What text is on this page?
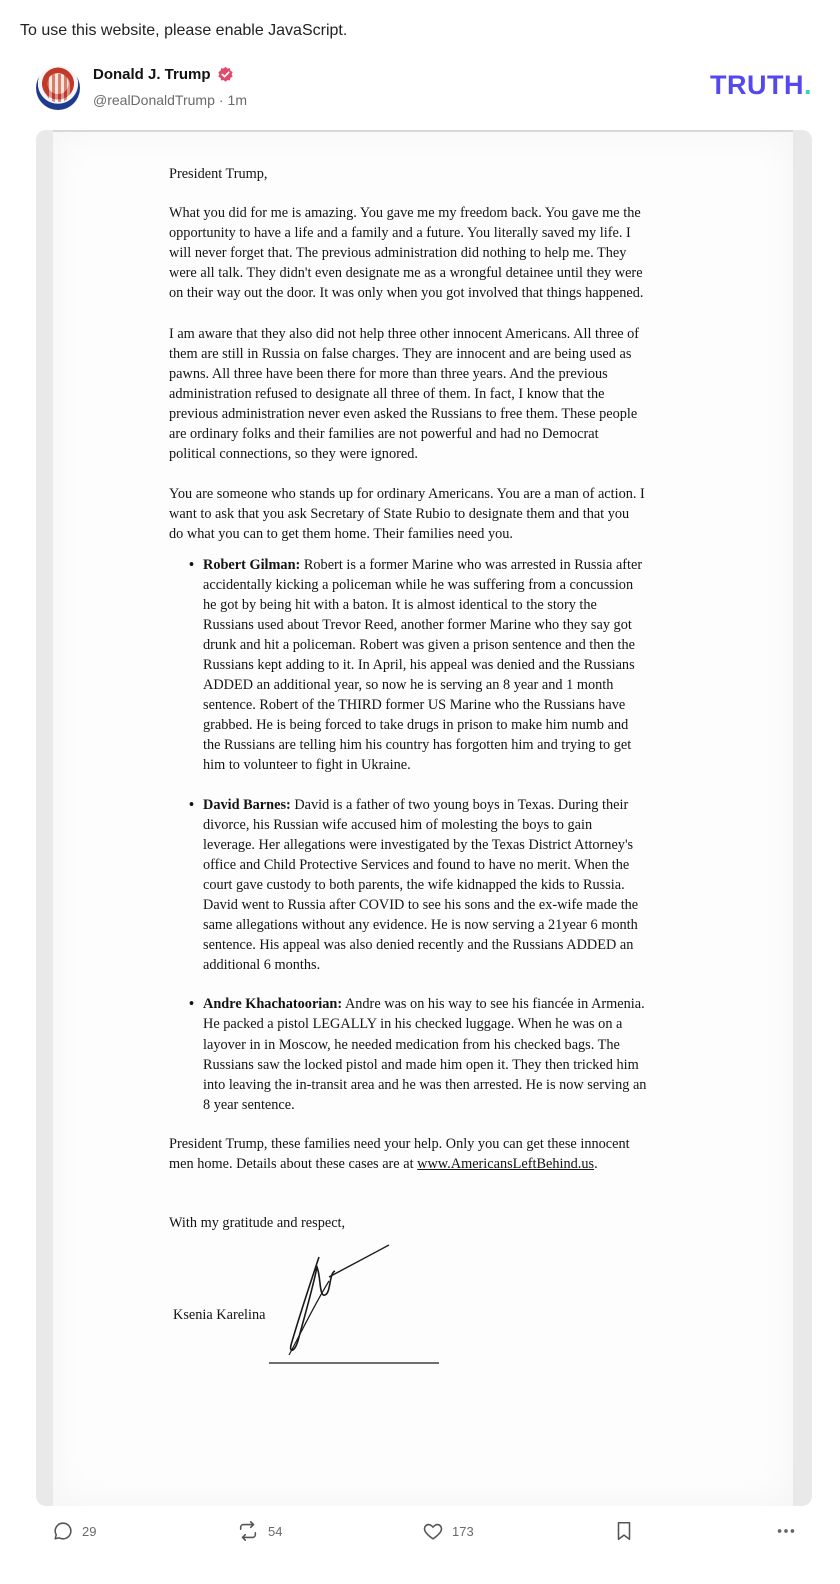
To use this website, please enable JavaScript.
Donald J. Trump
@realDonaldTrump · 1m	TRUTH.

President Trump,

What you did for me is amazing. You gave me my freedom back. You gave me the opportunity to have a life and a family and a future. You literally saved my life. I will never forget that. The previous administration did nothing to help me. They were all talk. They didn't even designate me as a wrongful detainee until they were on their way out the door. It was only when you got involved that things happened.

I am aware that they also did not help three other innocent Americans. All three of them are still in Russia on false charges. They are innocent and are being used as pawns. All three have been there for more than three years. And the previous administration refused to designate all three of them. In fact, I know that the previous administration never even asked the Russians to free them. These people are ordinary folks and their families are not powerful and had no Democrat political connections, so they were ignored.

You are someone who stands up for ordinary Americans. You are a man of action. I want to ask that you ask Secretary of State Rubio to designate them and that you do what you can to get them home. Their families need you.

• Robert Gilman: Robert is a former Marine who was arrested in Russia after accidentally kicking a policeman while he was suffering from a concussion he got by being hit with a baton. It is almost identical to the story the Russians used about Trevor Reed, another former Marine who they say got drunk and hit a policeman. Robert was given a prison sentence and then the Russians kept adding to it. In April, his appeal was denied and the Russians ADDED an additional year, so now he is serving an 8 year and 1 month sentence. Robert of the THIRD former US Marine who the Russians have grabbed. He is being forced to take drugs in prison to make him numb and the Russians are telling him his country has forgotten him and trying to get him to volunteer to fight in Ukraine.
• David Barnes: David is a father of two young boys in Texas. During their divorce, his Russian wife accused him of molesting the boys to gain leverage. Her allegations were investigated by the Texas District Attorney's office and Child Protective Services and found to have no merit. When the court gave custody to both parents, the wife kidnapped the kids to Russia. David went to Russia after COVID to see his sons and the ex-wife made the same allegations without any evidence. He is now serving a 21year 6 month sentence. His appeal was also denied recently and the Russians ADDED an additional 6 months.
• Andre Khachatoorian: Andre was on his way to see his fiancée in Armenia. He packed a pistol LEGALLY in his checked luggage. When he was on a layover in in Moscow, he needed medication from his checked bags. The Russians saw the locked pistol and made him open it. They then tricked him into leaving the in-transit area and he was then arrested. He is now serving an 8 year sentence.

President Trump, these families need your help. Only you can get these innocent men home. Details about these cases are at www.AmericansLeftBehind.us.

With my gratitude and respect,

Ksenia Karelina
29	54	173
